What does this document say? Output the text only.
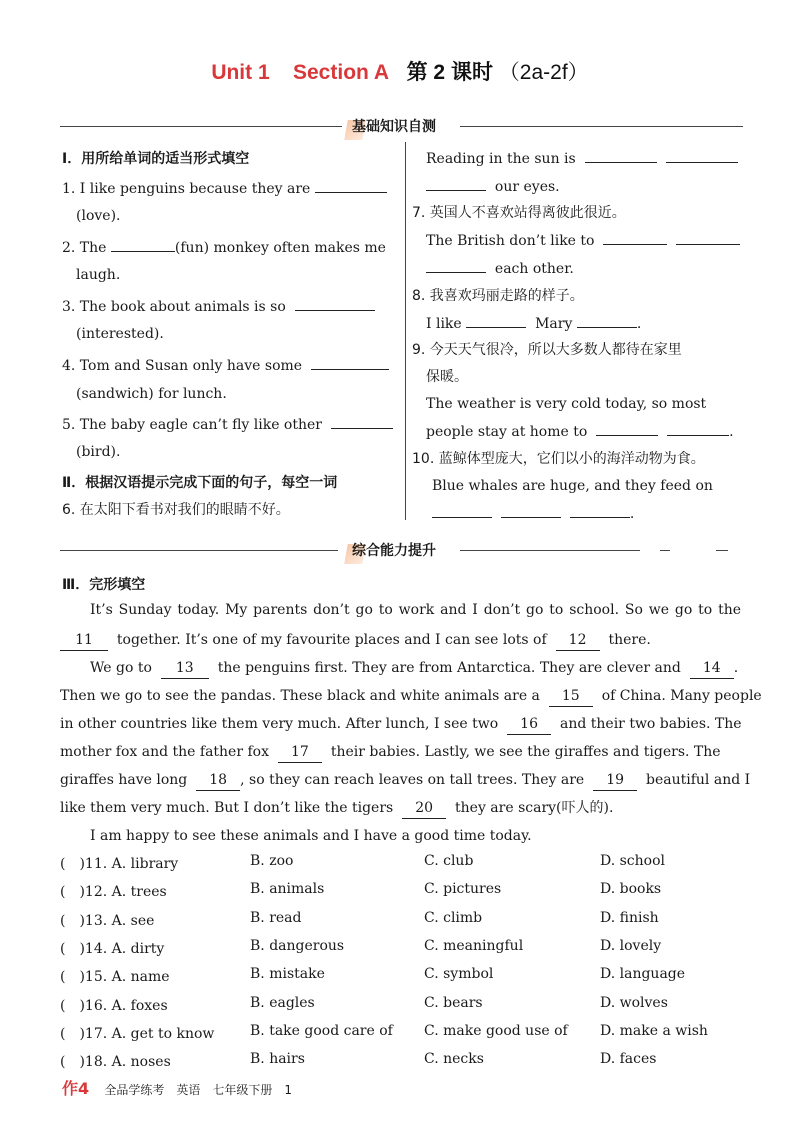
Unit 1 Section A 第 2 课时 （2a-2f）
基础知识自测
Ⅰ．用所给单词的适当形式填空
1. I like penguins because they are
(love).
2. The	(fun) monkey often makes me
laugh.
3. The book about animals is so
(interested).
4. Tom and Susan only have some
(sandwich) for lunch.
5. The baby eagle can’t fly like other
(bird).
Ⅱ．根据汉语提示完成下面的句子，每空一词
6. 在太阳下看书对我们的眼睛不好。
Reading in the sun is
our eyes.
7. 英国人不喜欢站得离彼此很近。
The British don’t like to
each other.
8. 我喜欢玛丽走路的样子。
I like	Mary	.
9. 今天天气很冷，所以大多数人都待在家里
保暖。
The weather is very cold today, so most
people stay at home to	.
10. 蓝鲸体型庞大，它们以小的海洋动物为食。
Blue whales are huge, and they feed on
.
综合能力提升
Ⅲ．完形填空
It’s Sunday today. My parents don’t go to work and I don’t go to school. So we go to the
11 together. It’s one of my favourite places and I can see lots of 12 there.
We go to 13 the penguins first. They are from Antarctica. They are clever and 14 .
Then we go to see the pandas. These black and white animals are a 15 of China. Many people
in other countries like them very much. After lunch, I see two 16 and their two babies. The
mother fox and the father fox 17 their babies. Lastly, we see the giraffes and tigers. The
giraffes have long 18 , so they can reach leaves on tall trees. They are 19 beautiful and I
like them very much. But I don’t like the tigers 20 they are scary(吓人的).
I am happy to see these animals and I have a good time today.
(　)11. A. library	B. zoo	C. club	D. school
(　)12. A. trees	B. animals	C. pictures	D. books
(　)13. A. see	B. read	C. climb	D. finish
(　)14. A. dirty	B. dangerous	C. meaningful	D. lovely
(　)15. A. name	B. mistake	C. symbol	D. language
(　)16. A. foxes	B. eagles	C. bears	D. wolves
(　)17. A. get to know	B. take good care of C. make good use of D. make a wish
(　)18. A. noses	B. hairs	C. necks	D. faces
作4 全品学练考　英语　七年级下册　1
